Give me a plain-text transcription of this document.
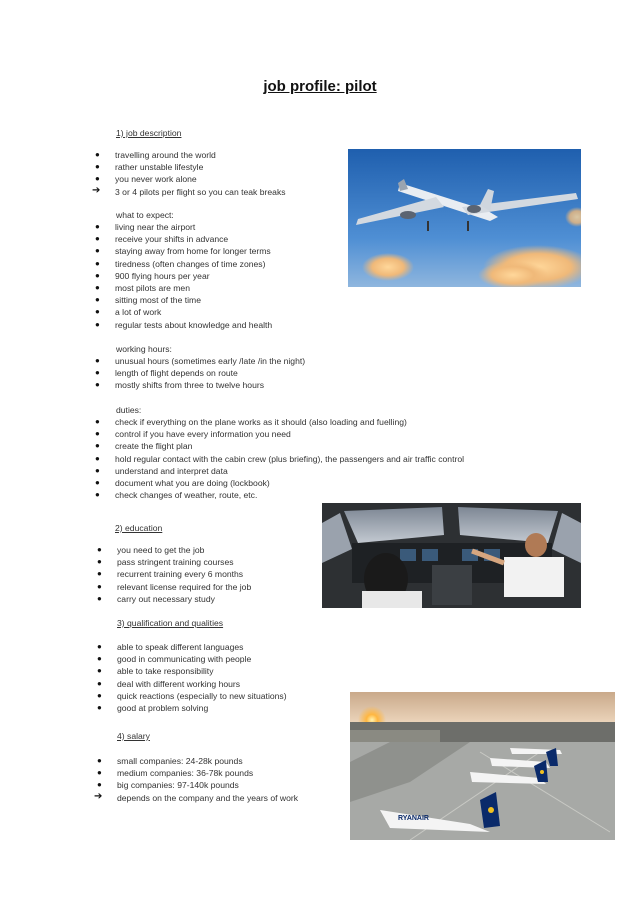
job profile: pilot
1) job description
● travelling around the world
● rather unstable lifestyle
● you never work alone
➔ 3 or 4 pilots per flight so you can teak breaks
what to expect:
● living near the airport
● receive your shifts in advance
● staying away from home for longer terms
● tiredness (often changes of time zones)
● 900 flying hours per year
● most pilots are men
● sitting most of the time
● a lot of work
● regular tests about knowledge and health
working hours:
● unusual hours (sometimes early /late /in the night)
● length of flight depends on route
● mostly shifts from three to twelve hours
duties:
● check if everything on the plane works as it should (also loading and fuelling)
● control if you have every information you need
● create the flight plan
● hold regular contact with the cabin crew (plus briefing), the passengers and air traffic control
● understand and interpret data
● document what you are doing (lockbook)
● check changes of weather, route, etc.
2) education
● you need to get the job
● pass stringent training courses
● recurrent training every 6 months
● relevant license required for the job
● carry out necessary study
3) qualification and qualities
● able to speak different languages
● good in communicating with people
● able to take responsibility
● deal with different working hours
● quick reactions (especially to new situations)
● good at problem solving
4) salary
● small companies: 24-28k pounds
● medium companies: 36-78k pounds
● big companies: 97-140k pounds
➔ depends on the company and the years of work
RYANAIR
